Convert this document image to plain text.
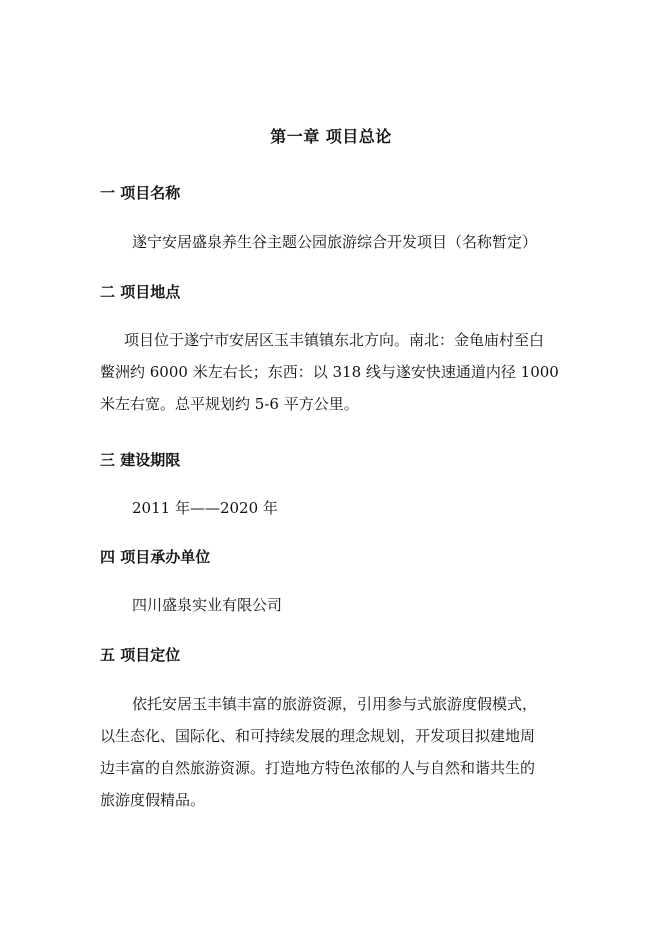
第一章 项目总论
一 项目名称
遂宁安居盛泉养生谷主题公园旅游综合开发项目（名称暂定）
二 项目地点
项目位于遂宁市安居区玉丰镇镇东北方向。南北：金龟庙村至白
鳖洲约 6000 米左右长；东西：以 318 线与遂安快速通道内径 1000
米左右宽。总平规划约 5-6 平方公里。
三 建设期限
2011 年——2020 年
四 项目承办单位
四川盛泉实业有限公司
五 项目定位
依托安居玉丰镇丰富的旅游资源，引用参与式旅游度假模式，
以生态化、国际化、和可持续发展的理念规划，开发项目拟建地周
边丰富的自然旅游资源。打造地方特色浓郁的人与自然和谐共生的
旅游度假精品。
